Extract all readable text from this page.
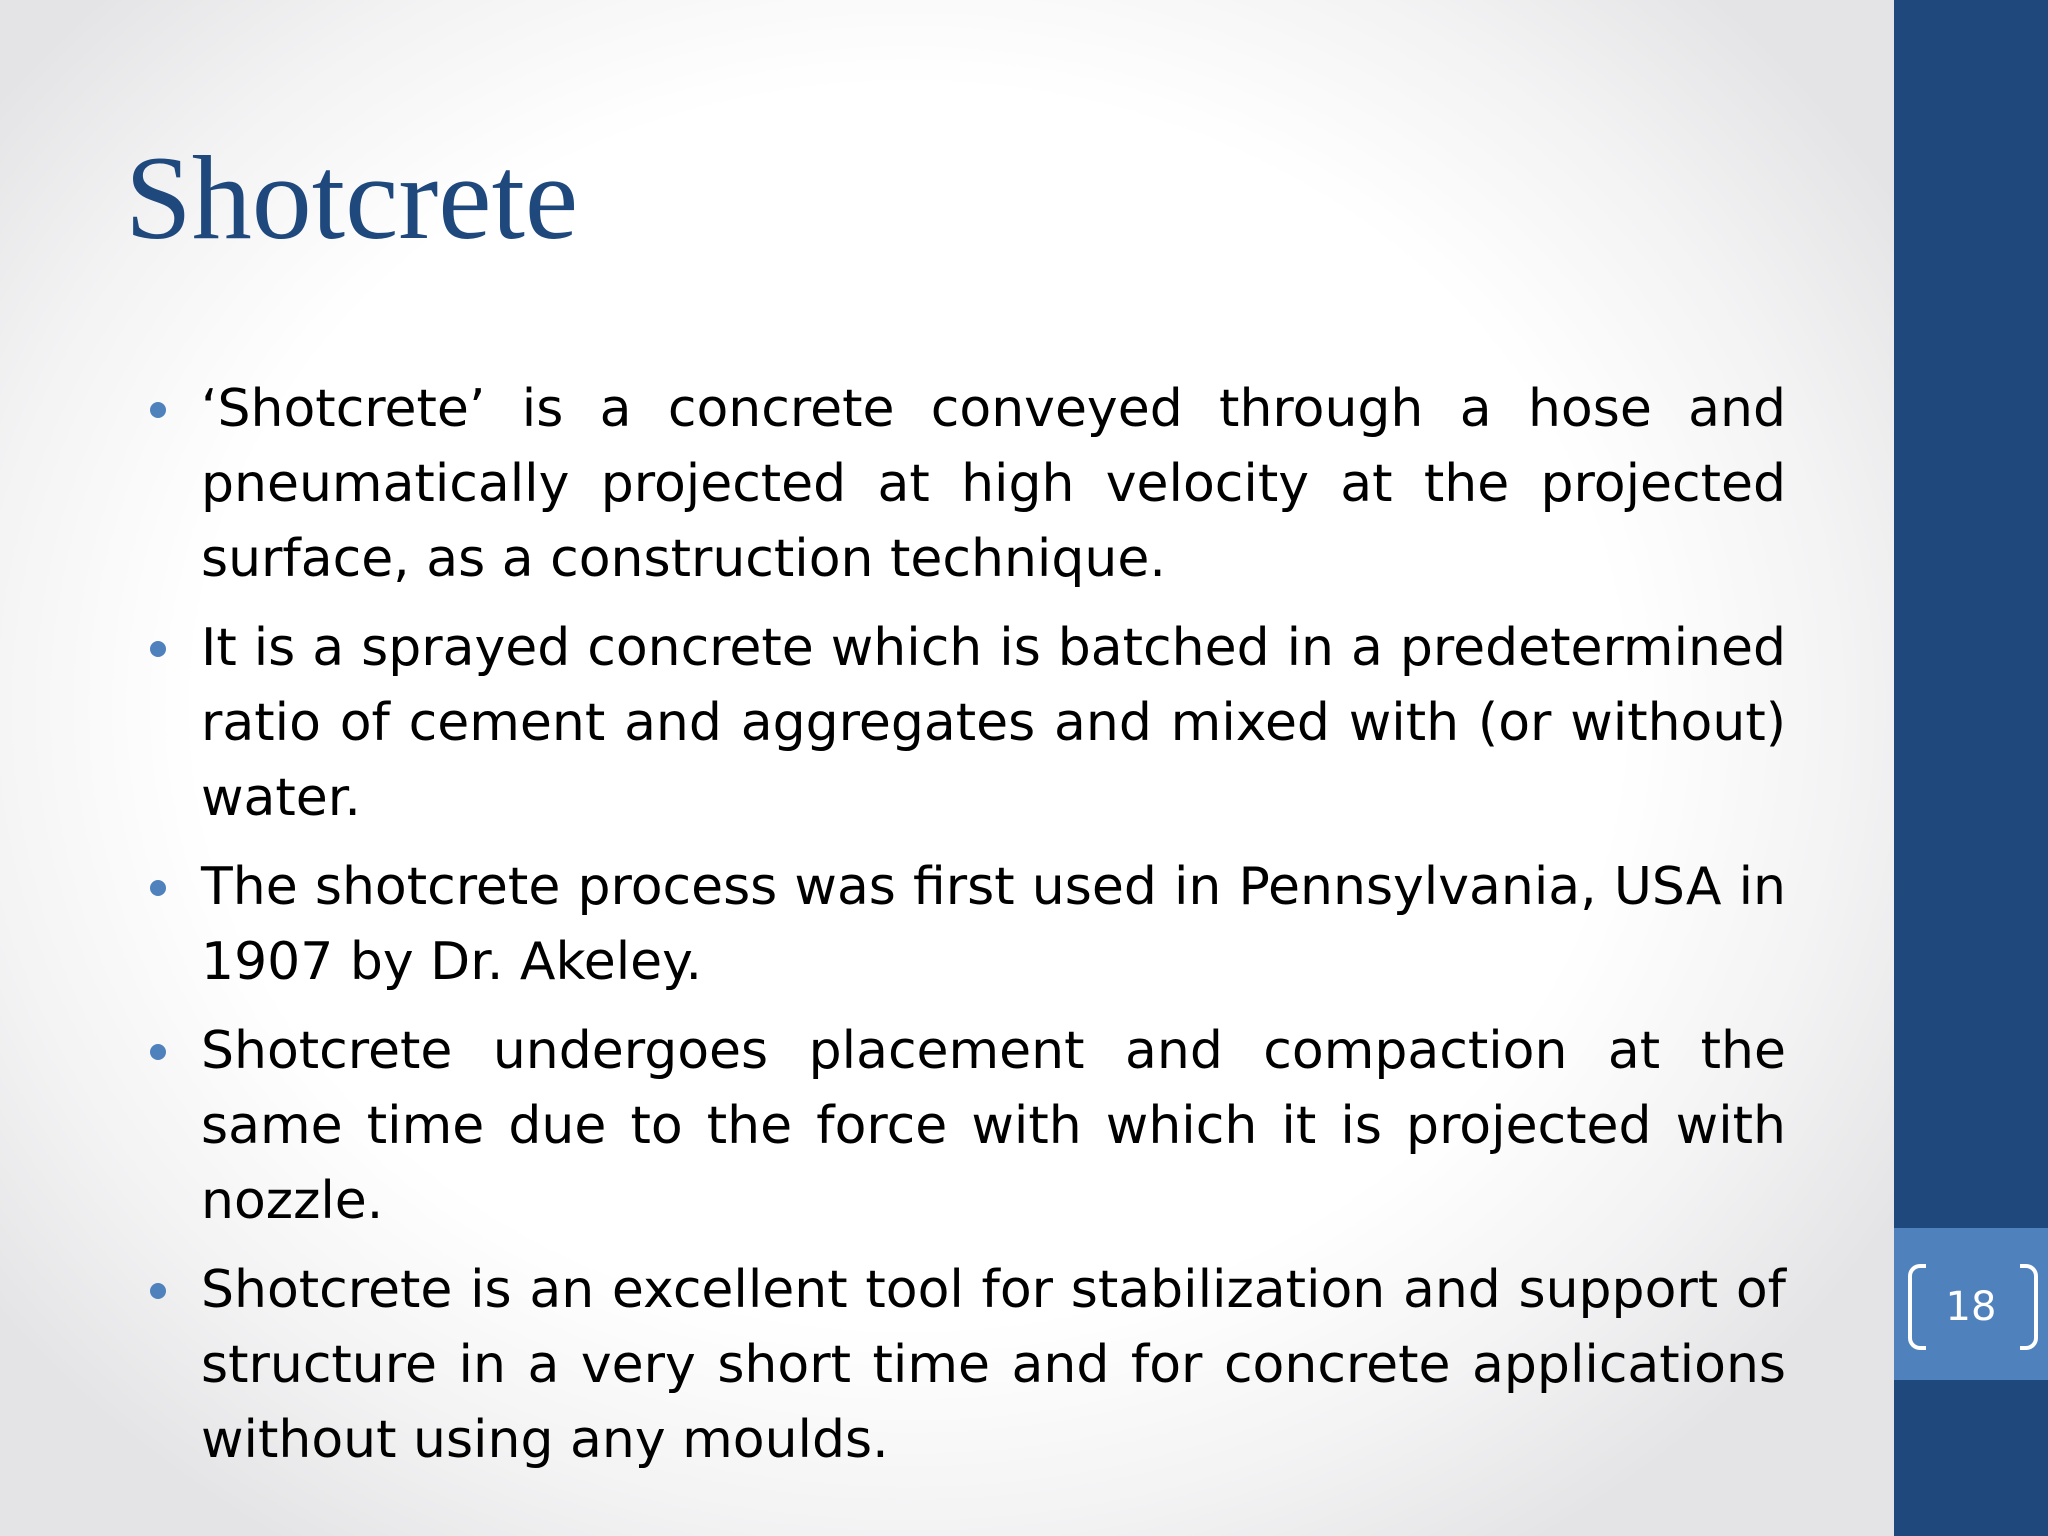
Shotcrete
‘Shotcrete’ is a concrete conveyed through a hose and pneumatically projected at high velocity at the projected surface, as a construction technique.
It is a sprayed concrete which is batched in a predetermined ratio of cement and aggregates and mixed with (or without) water.
The shotcrete process was first used in Pennsylvania, USA in 1907 by Dr. Akeley.
Shotcrete undergoes placement and compaction at the same time due to the force with which it is projected with nozzle.
Shotcrete is an excellent tool for stabilization and support of structure in a very short time and for concrete applications without using any moulds.
18
